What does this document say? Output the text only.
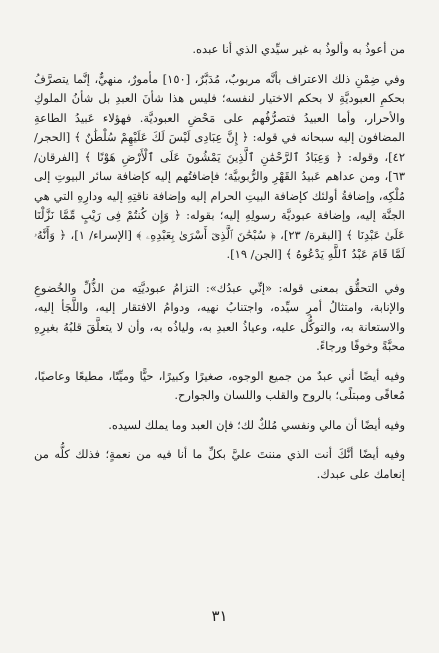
من أعوذُ به وألوذُ به غير سيِّدي الذي أنا عبده.

وفي ضِمْنِ ذلك الاعتراف بأنَّه مربوبٌ، مُدَبَّرٌ، [١٥٠] مأمورٌ، منهيٌّ، إنَّما يتصرَّفُ بحكمِ العبوديَّةِ لا بحكم الاختيار لنفسه؛ فليس هذا شأنَ العبدِ بل شأنُ الملوكِ والأحرار، وأما العبيدُ فتصرُّفُهم على مَحْضِ العبوديَّة. فهؤلاء عَبيدُ الطاعةِ المضافون إليه سبحانه في قوله: ﴿ إِنَّ عِبَادِى لَيْسَ لَكَ عَلَيْهِمْ سُلْطَٰنٌ ﴾ [الحجر/ ٤٢]، وقوله: ﴿ وَعِبَادُ ٱلرَّحْمَٰنِ ٱلَّذِينَ يَمْشُونَ عَلَى ٱلْأَرْضِ هَوْنًا ﴾ [الفرقان/ ٦٣]، ومن عداهم عَبيدُ القَهْرِ والرُّبوبيَّة؛ فإضافتُهم إليه كإضافة سائر البيوتِ إلى مُلْكِه، وإضافةُ أولئك كإضافة البيتِ الحرام إليه وإضافة ناقتِهِ إليه ودارِهِ التي هي الجنَّة إليه، وإضافة عبوديَّة رسولِهِ إليه؛ بقوله: ﴿ وَإِن كُنتُمْ فِى رَيْبٍ مِّمَّا نَزَّلْنَا عَلَىٰ عَبْدِنَا ﴾ [البقرة/ ٢٣]، ﴿ سُبْحَٰنَ ٱلَّذِىٓ أَسْرَىٰ بِعَبْدِهِۦ ﴾ [الإسراء/ ١]، ﴿ وَأَنَّهُۥ لَمَّا قَامَ عَبْدُ ٱللَّهِ يَدْعُوهُ ﴾ [الجن/ ١٩].

وفي التحقُّق بمعنى قوله: «إنِّي عبدُك»: التزامُ عبوديَّتِه من الذُّلِّ والخُضوعِ والإنابة، وامتثالُ أمرِ سيِّده، واجتنابُ نهيه، ودوامُ الافتقار إليه، واللَّجَأ إليه، والاستعانة به، والتوكُّل عليه، وعياذُ العبدِ به، ولياذُه به، وأن لا يتعلَّقَ قلبُهُ بغيرِهِ محبَّةً وخوفًا ورجاءً.

وفيه أيضًا أني عبدٌ من جميع الوجوه، صغيرًا وكبيرًا، حيًّا وميِّتًا، مطيعًا وعاصيًا، مُعافًى ومبتلًى؛ بالروح والقلب واللسان والجوارح.

وفيه أيضًا أن مالي ونفسي مُلكٌ لك؛ فإن العبد وما يملك لسيده.

وفيه أيضًا أنَّكَ أنت الذي مننتَ عليَّ بكلِّ ما أنا فيه من نعمةٍ؛ فذلك كلُّه من إنعامك على عبدك.

٣١
